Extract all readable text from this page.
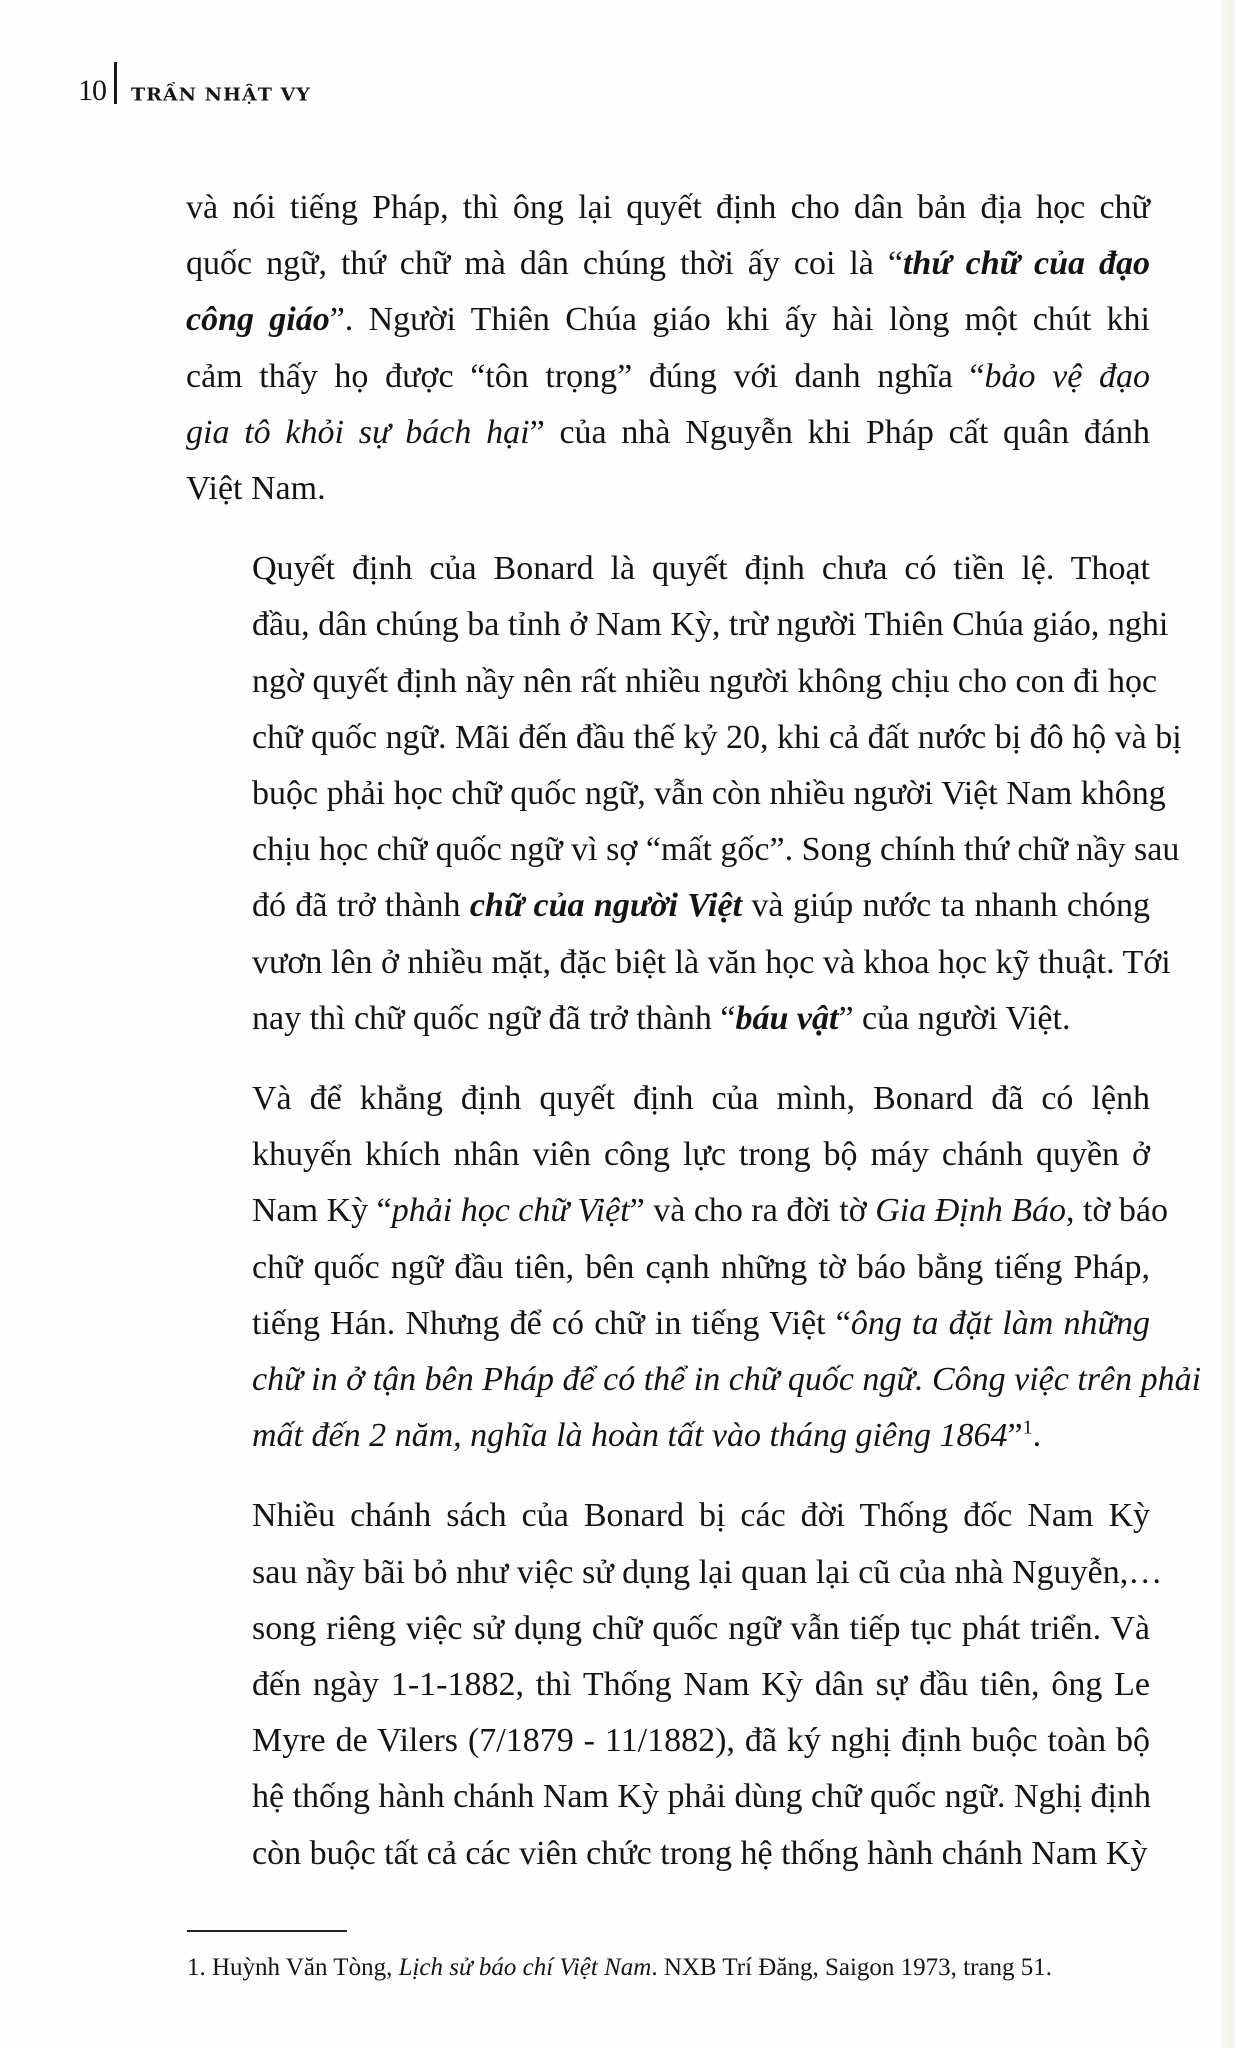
10 TRẦN NHẬT VY
và nói tiếng Pháp, thì ông lại quyết định cho dân bản địa học chữ
quốc ngữ, thứ chữ mà dân chúng thời ấy coi là “thứ chữ của đạo
công giáo”. Người Thiên Chúa giáo khi ấy hài lòng một chút khi
cảm thấy họ được “tôn trọng” đúng với danh nghĩa “bảo vệ đạo
gia tô khỏi sự bách hại” của nhà Nguyễn khi Pháp cất quân đánh
Việt Nam.
Quyết định của Bonard là quyết định chưa có tiền lệ. Thoạt
đầu, dân chúng ba tỉnh ở Nam Kỳ, trừ người Thiên Chúa giáo, nghi
ngờ quyết định nầy nên rất nhiều người không chịu cho con đi học
chữ quốc ngữ. Mãi đến đầu thế kỷ 20, khi cả đất nước bị đô hộ và bị
buộc phải học chữ quốc ngữ, vẫn còn nhiều người Việt Nam không
chịu học chữ quốc ngữ vì sợ “mất gốc”. Song chính thứ chữ nầy sau
đó đã trở thành chữ của người Việt và giúp nước ta nhanh chóng
vươn lên ở nhiều mặt, đặc biệt là văn học và khoa học kỹ thuật. Tới
nay thì chữ quốc ngữ đã trở thành “báu vật” của người Việt.
Và để khẳng định quyết định của mình, Bonard đã có lệnh
khuyến khích nhân viên công lực trong bộ máy chánh quyền ở
Nam Kỳ “phải học chữ Việt” và cho ra đời tờ Gia Định Báo, tờ báo
chữ quốc ngữ đầu tiên, bên cạnh những tờ báo bằng tiếng Pháp,
tiếng Hán. Nhưng để có chữ in tiếng Việt “ông ta đặt làm những
chữ in ở tận bên Pháp để có thể in chữ quốc ngữ. Công việc trên phải
mất đến 2 năm, nghĩa là hoàn tất vào tháng giêng 1864”$^1$.
Nhiều chánh sách của Bonard bị các đời Thống đốc Nam Kỳ
sau nầy bãi bỏ như việc sử dụng lại quan lại cũ của nhà Nguyễn,…
song riêng việc sử dụng chữ quốc ngữ vẫn tiếp tục phát triển. Và
đến ngày 1-1-1882, thì Thống Nam Kỳ dân sự đầu tiên, ông Le
Myre de Vilers (7/1879 - 11/1882), đã ký nghị định buộc toàn bộ
hệ thống hành chánh Nam Kỳ phải dùng chữ quốc ngữ. Nghị định
còn buộc tất cả các viên chức trong hệ thống hành chánh Nam Kỳ
1. Huỳnh Văn Tòng, Lịch sử báo chí Việt Nam. NXB Trí Đăng, Saigon 1973, trang 51.
